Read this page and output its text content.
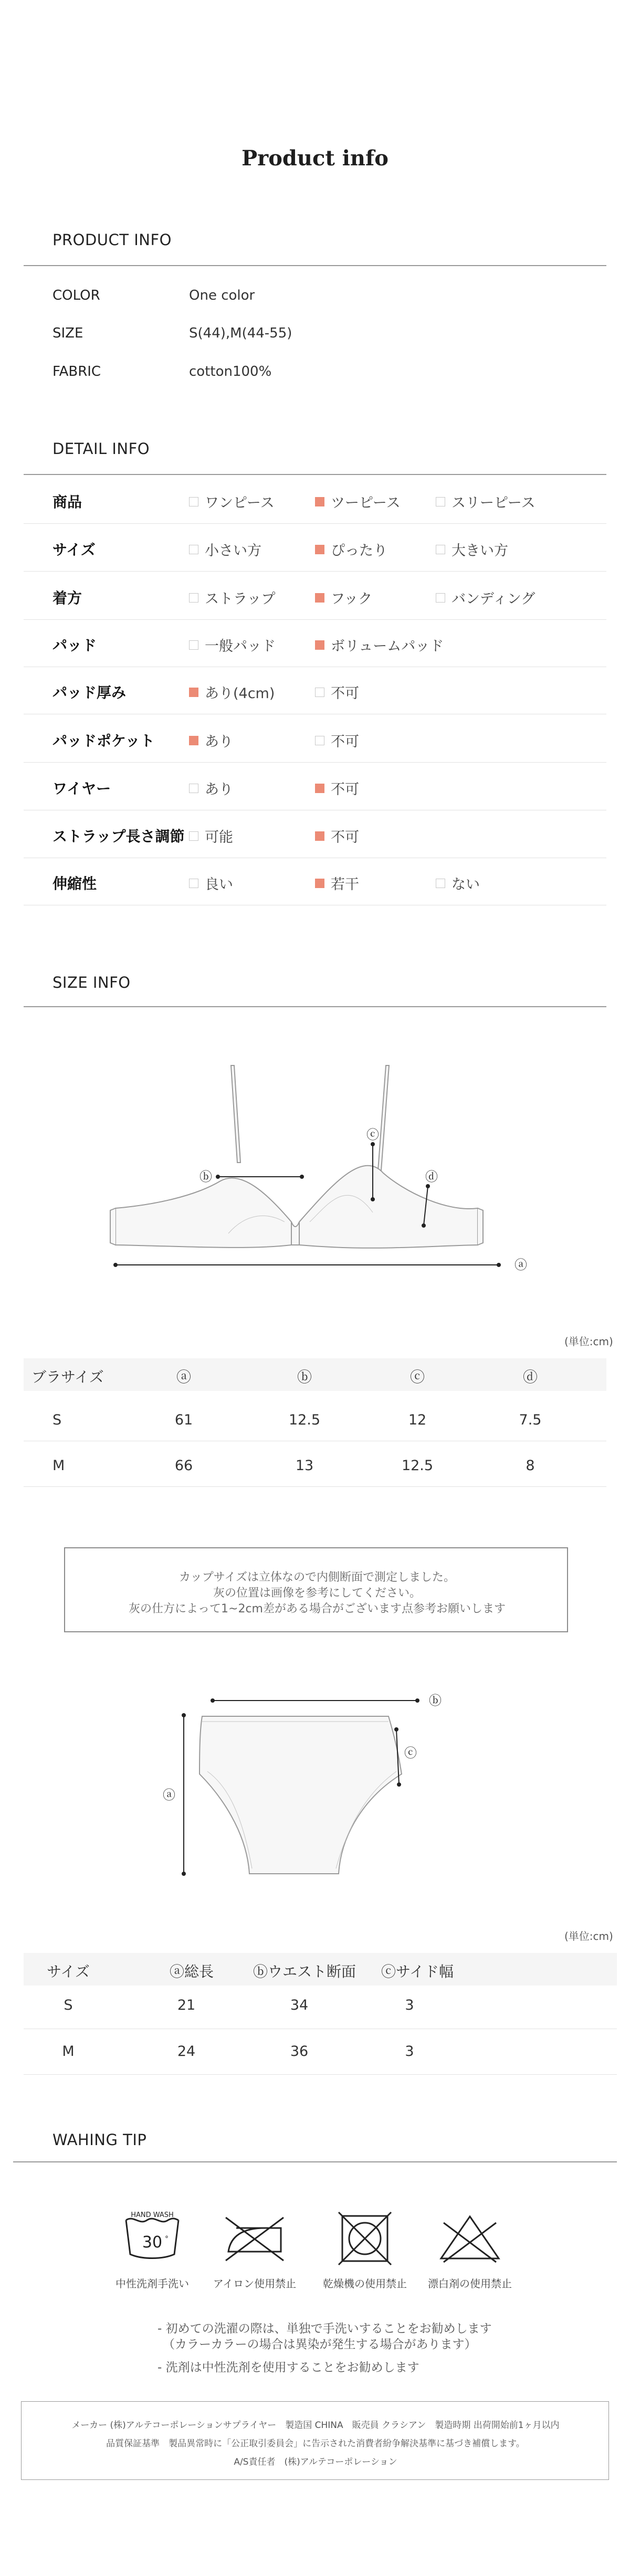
Product info
PRODUCT INFO
COLOR	One color
SIZE	S(44),M(44-55)
FABRIC	cotton100%
DETAIL INFO
商品	ワンピース	ツーピース	スリーピース
サイズ	小さい方	ぴったり	大きい方
着方	ストラップ	フック	バンディング
パッド	一般パッド	ボリュームパッド
パッド厚み	あり(4cm)	不可
パッドポケット	あり	不可
ワイヤー	あり	不可
ストラップ長さ調節 可能	不可
伸縮性	良い	若干	ない
SIZE INFO
ⓐ
ⓑ
ⓒ
ⓓ
(単位:cm)
ブラサイズ	ⓐ	ⓑ	ⓒ	ⓓ
S	61	12.5	12	7.5
M	66	13	12.5	8
カップサイズは立体なので内側断面で測定しました。
灰の位置は画像を参考にしてください。
灰の仕方によって1~2cm差がある場合がございます点参考お願いします
ⓑ
ⓐ
ⓒ
(単位:cm)
サイズ	ⓐ総長	ⓑウエスト断面	ⓒサイド幅
S	21	34	3
M	24	36	3
WAHING TIP
HAND WASH
30 °
中性洗剤手洗い	アイロン使用禁止	乾燥機の使用禁止	漂白剤の使用禁止
- 初めての洗濯の際は、単独で手洗いすることをお勧めします
（カラーカラーの場合は異染が発生する場合があります）
- 洗剤は中性洗剤を使用することをお勧めします
メーカー (株)アルテコーポレーションサプライヤー　製造国 CHINA　販売員 クラシアン　製造時期 出荷開始前1ヶ月以内
品質保証基準　製品異常時に「公正取引委員会」に告示された消費者紛争解決基準に基づき補償します。
A/S責任者　(株)アルテコーポレーション
